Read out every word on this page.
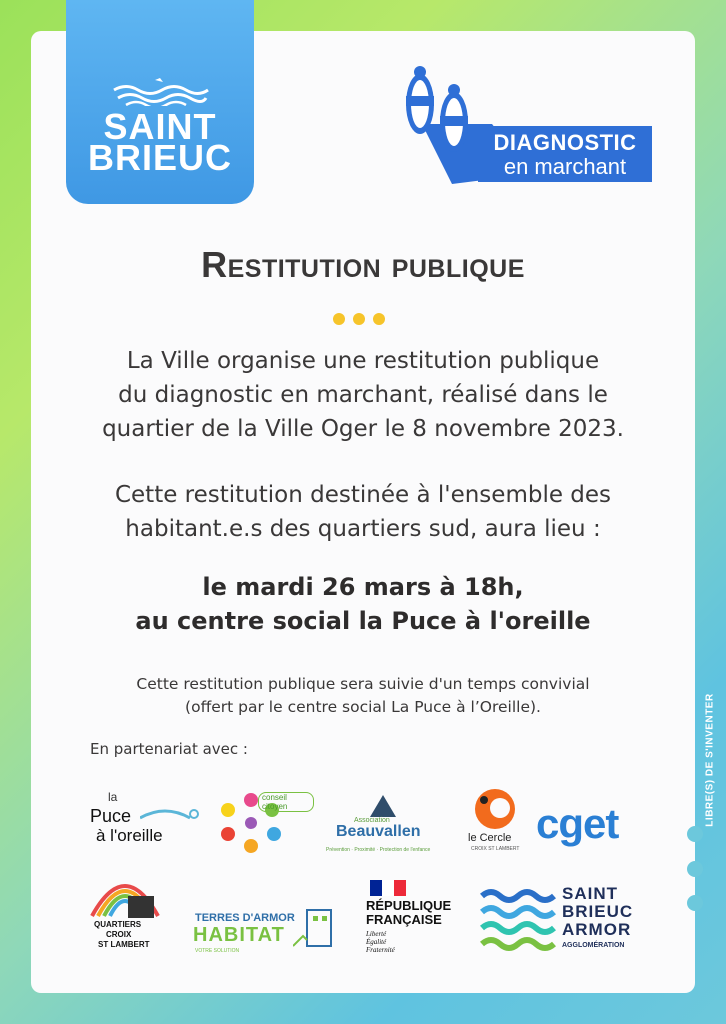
SAINT
BRIEUC	DIAGNOSTIC
en marchant
Restitution publique
La Ville organise une restitution publique
du diagnostic en marchant, réalisé dans le
quartier de la Ville Oger le 8 novembre 2023.
Cette restitution destinée à l'ensemble des
habitant.e.s des quartiers sud, aura lieu :
le mardi 26 mars à 18h,
au centre social la Puce à l'oreille
Cette restitution publique sera suivie d'un temps convivial
(offert par le centre social La Puce à l’Oreille).
En partenariat avec :	LIBRE(S) DE S'INVENTER
la
Puce
à l'oreille
conseil citoyen
Association
Beauvallen
Prévention · Proximité · Protection de l'enfance
le Cercle
CROIX ST LAMBERT
cget
QUARTIERS
CROIX
ST LAMBERT
TERRES D'ARMOR
HABITAT
VOTRE SOLUTION
RÉPUBLIQUE
FRANÇAISE
Liberté
Égalité
Fraternité
SAINT
BRIEUC
ARMOR
AGGLOMÉRATION
